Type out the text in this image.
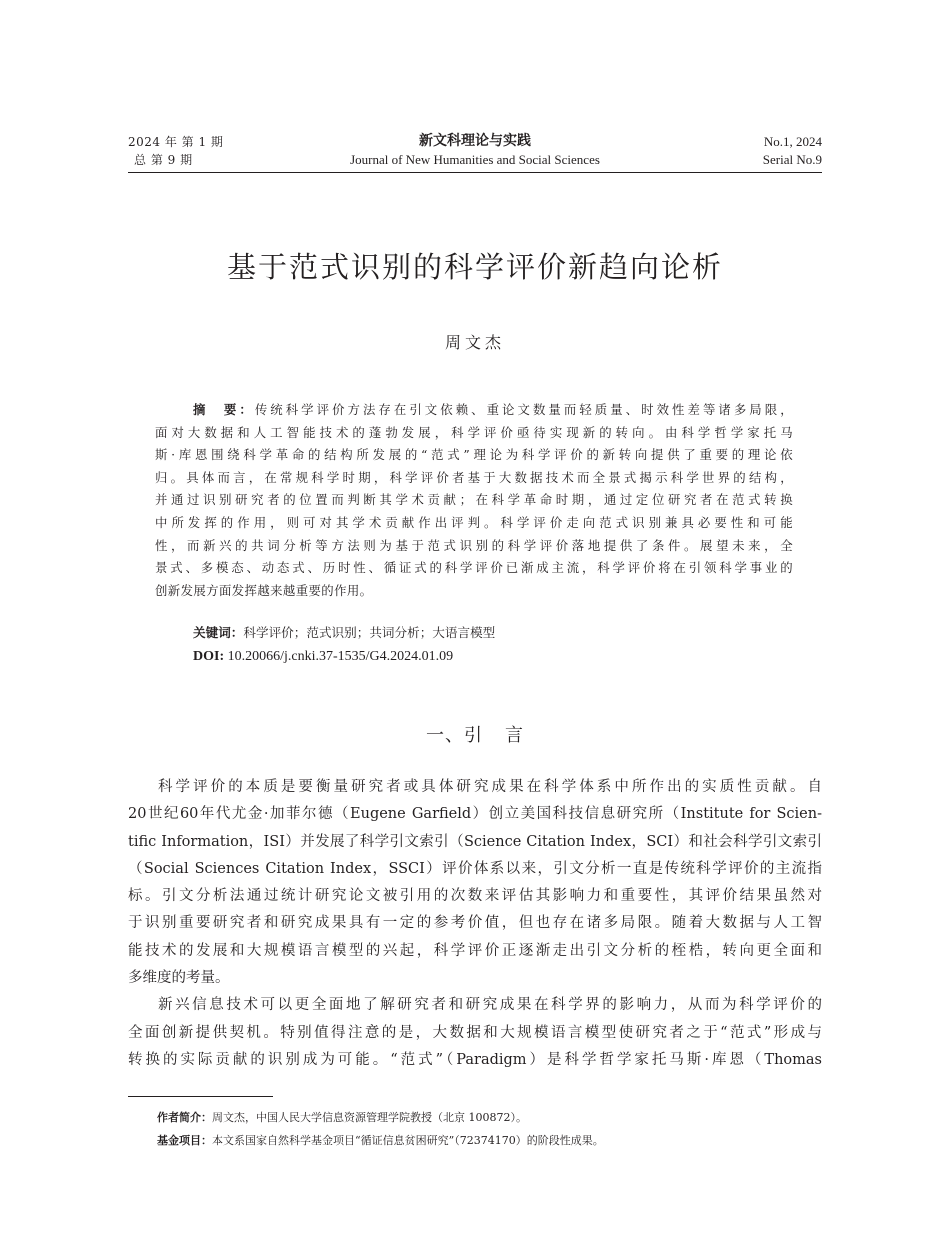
2024 年 第 1 期
总 第 9 期
新文科理论与实践
Journal of New Humanities and Social Sciences
No.1, 2024
Serial No.9
基于范式识别的科学评价新趋向论析
周文杰

摘　要：传统科学评价方法存在引文依赖、重论文数量而轻质量、时效性差等诸多局限，

面对大数据和人工智能技术的蓬勃发展，科学评价亟待实现新的转向。由科学哲学家托马

斯·库恩围绕科学革命的结构所发展的“范式”理论为科学评价的新转向提供了重要的理论依

归。具体而言，在常规科学时期，科学评价者基于大数据技术而全景式揭示科学世界的结构，

并通过识别研究者的位置而判断其学术贡献；在科学革命时期，通过定位研究者在范式转换

中所发挥的作用，则可对其学术贡献作出评判。科学评价走向范式识别兼具必要性和可能

性，而新兴的共词分析等方法则为基于范式识别的科学评价落地提供了条件。展望未来，全

景式、多模态、动态式、历时性、循证式的科学评价已渐成主流，科学评价将在引领科学事业的

创新发展方面发挥越来越重要的作用。

关键词：科学评价；范式识别；共词分析；大语言模型
DOI: 10.20066/j.cnki.37-1535/G4.2024.01.09
一、引 言
科学评价的本质是要衡量研究者或具体研究成果在科学体系中所作出的实质性贡献。自
20世纪60年代尤金·加菲尔德（Eugene Garfield）创立美国科技信息研究所（Institute for Scien-
tific Information，ISI）并发展了科学引文索引（Science Citation Index，SCI）和社会科学引文索引
（Social Sciences Citation Index，SSCI）评价体系以来，引文分析一直是传统科学评价的主流指
标。引文分析法通过统计研究论文被引用的次数来评估其影响力和重要性，其评价结果虽然对
于识别重要研究者和研究成果具有一定的参考价值，但也存在诸多局限。随着大数据与人工智
能技术的发展和大规模语言模型的兴起，科学评价正逐渐走出引文分析的桎梏，转向更全面和
多维度的考量。
新兴信息技术可以更全面地了解研究者和研究成果在科学界的影响力，从而为科学评价的
全面创新提供契机。特别值得注意的是，大数据和大规模语言模型使研究者之于“范式”形成与
转换的实际贡献的识别成为可能。“范式”（Paradigm）是科学哲学家托马斯·库恩（Thomas
作者简介：周文杰，中国人民大学信息资源管理学院教授（北京 100872）。
基金项目：本文系国家自然科学基金项目“循证信息贫困研究”（72374170）的阶段性成果。
